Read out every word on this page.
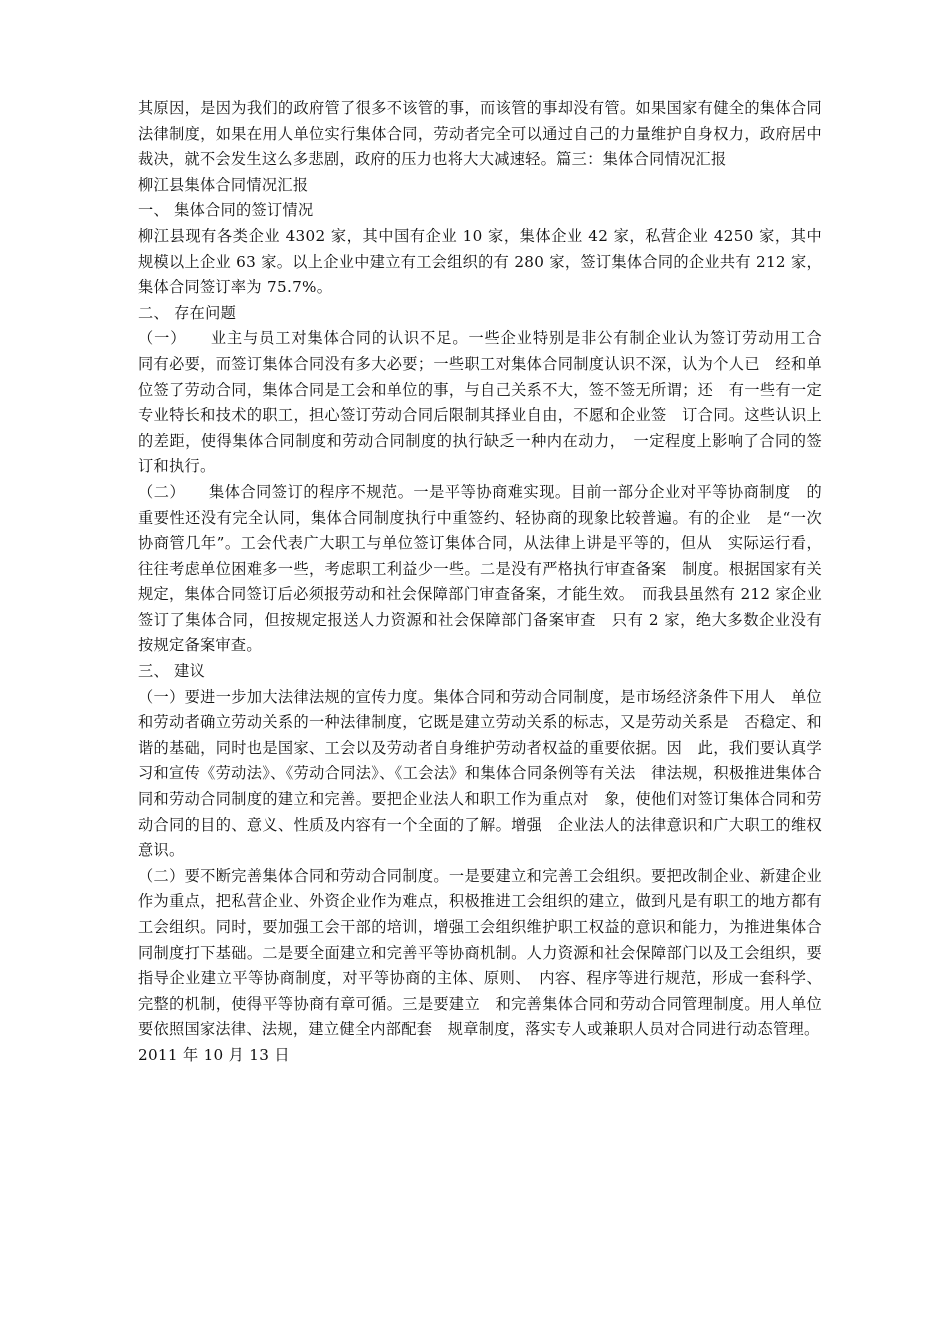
其原因，是因为我们的政府管了很多不该管的事，而该管的事却没有管。如果国家有健全的集体合同法律制度，如果在用人单位实行集体合同，劳动者完全可以通过自己的力量维护自身权力，政府居中裁决，就不会发生这么多悲剧，政府的压力也将大大减速轻。篇三：集体合同情况汇报

柳江县集体合同情况汇报

一、 集体合同的签订情况

柳江县现有各类企业 4302 家，其中国有企业 10 家，集体企业 42 家，私营企业 4250 家，其中规模以上企业 63 家。以上企业中建立有工会组织的有 280 家，签订集体合同的企业共有 212 家，集体合同签订率为 75.7%。

二、 存在问题

（一）　　业主与员工对集体合同的认识不足。一些企业特别是非公有制企业认为签订劳动用工合　同有必要，而签订集体合同没有多大必要；一些职工对集体合同制度认识不深，认为个人已　经和单位签了劳动合同，集体合同是工会和单位的事，与自己关系不大，签不签无所谓；还　有一些有一定专业特长和技术的职工，担心签订劳动合同后限制其择业自由，不愿和企业签　订合同。这些认识上的差距，使得集体合同制度和劳动合同制度的执行缺乏一种内在动力，　一定程度上影响了合同的签订和执行。

（二）　　集体合同签订的程序不规范。一是平等协商难实现。目前一部分企业对平等协商制度　的重要性还没有完全认同，集体合同制度执行中重签约、轻协商的现象比较普遍。有的企业　是“一次协商管几年”。工会代表广大职工与单位签订集体合同，从法律上讲是平等的，但从　实际运行看，往往考虑单位困难多一些，考虑职工利益少一些。二是没有严格执行审查备案　制度。根据国家有关规定，集体合同签订后必须报劳动和社会保障部门审查备案，才能生效。　而我县虽然有 212 家企业签订了集体合同，但按规定报送人力资源和社会保障部门备案审查　只有 2 家，绝大多数企业没有按规定备案审查。

三、 建议

（一）要进一步加大法律法规的宣传力度。集体合同和劳动合同制度，是市场经济条件下用人　单位和劳动者确立劳动关系的一种法律制度，它既是建立劳动关系的标志，又是劳动关系是　否稳定、和谐的基础，同时也是国家、工会以及劳动者自身维护劳动者权益的重要依据。因　此，我们要认真学习和宣传《劳动法》、《劳动合同法》、《工会法》和集体合同条例等有关法　律法规，积极推进集体合同和劳动合同制度的建立和完善。要把企业法人和职工作为重点对　象，使他们对签订集体合同和劳动合同的目的、意义、性质及内容有一个全面的了解。增强　企业法人的法律意识和广大职工的维权意识。

（二）要不断完善集体合同和劳动合同制度。一是要建立和完善工会组织。要把改制企业、新建企业作为重点，把私营企业、外资企业作为难点，积极推进工会组织的建立，做到凡是有职工的地方都有工会组织。同时，要加强工会干部的培训，增强工会组织维护职工权益的意识和能力，为推进集体合同制度打下基础。二是要全面建立和完善平等协商机制。人力资源和社会保障部门以及工会组织，要指导企业建立平等协商制度，对平等协商的主体、原则、　内容、程序等进行规范，形成一套科学、完整的机制，使得平等协商有章可循。三是要建立　和完善集体合同和劳动合同管理制度。用人单位要依照国家法律、法规，建立健全内部配套　规章制度，落实专人或兼职人员对合同进行动态管理。

2011 年 10 月 13 日
